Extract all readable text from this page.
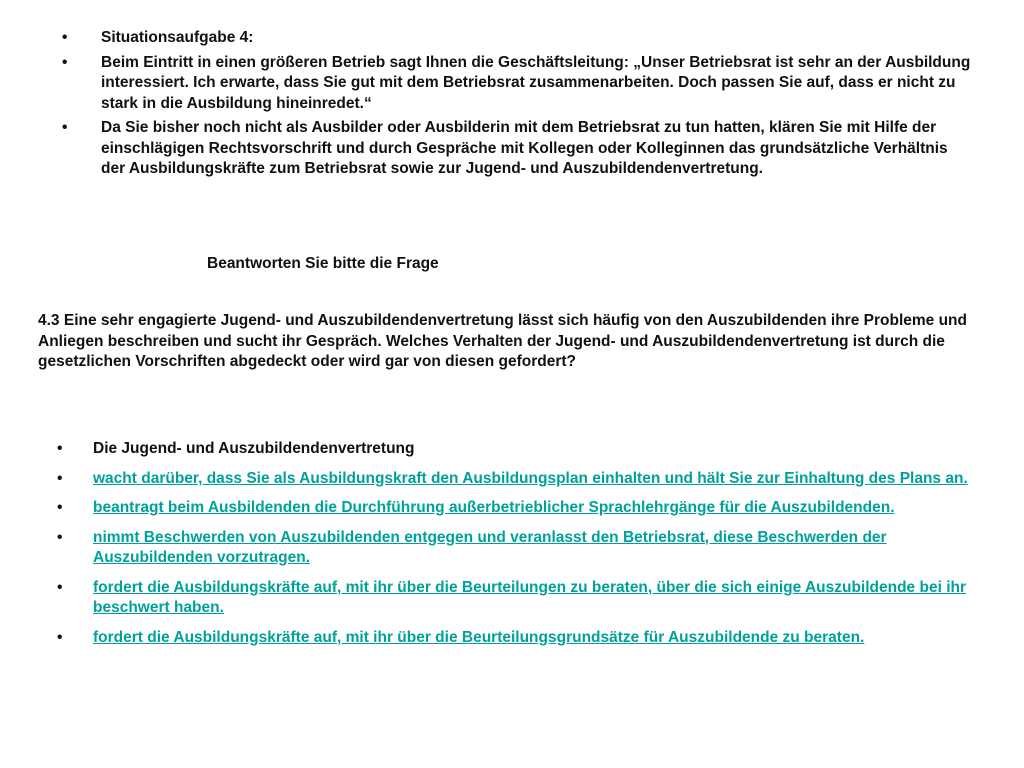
• Situationsaufgabe 4:
• Beim Eintritt in einen größeren Betrieb sagt Ihnen die Geschäftsleitung: „Unser Betriebsrat ist sehr an der Ausbildung interessiert. Ich erwarte, dass Sie gut mit dem Betriebsrat zusammenarbeiten. Doch passen Sie auf, dass er nicht zu stark in die Ausbildung hineinredet.“
• Da Sie bisher noch nicht als Ausbilder oder Ausbilderin mit dem Betriebsrat zu tun hatten, klären Sie mit Hilfe der einschlägigen Rechtsvorschrift und durch Gespräche mit Kollegen oder Kolleginnen das grundsätzliche Verhältnis der Ausbildungskräfte zum Betriebsrat sowie zur Jugend- und Auszubildendenvertretung.
Beantworten Sie bitte die Frage
4.3 Eine sehr engagierte Jugend- und Auszubildendenvertretung lässt sich häufig von den Auszubildenden ihre Probleme und Anliegen beschreiben und sucht ihr Gespräch. Welches Verhalten der Jugend- und Auszubildendenvertretung ist durch die gesetzlichen Vorschriften abgedeckt oder wird gar von diesen gefordert?
• Die Jugend- und Auszubildendenvertretung
• wacht darüber, dass Sie als Ausbildungskraft den Ausbildungsplan einhalten und hält Sie zur Einhaltung des Plans an.
• beantragt beim Ausbildenden die Durchführung außerbetrieblicher Sprachlehrgänge für die Auszubildenden.
• nimmt Beschwerden von Auszubildenden entgegen und veranlasst den Betriebsrat, diese Beschwerden der Auszubildenden vorzutragen.
• fordert die Ausbildungskräfte auf, mit ihr über die Beurteilungen zu beraten, über die sich einige Auszubildende bei ihr beschwert haben.
• fordert die Ausbildungskräfte auf, mit ihr über die Beurteilungsgrundsätze für Auszubildende zu beraten.
